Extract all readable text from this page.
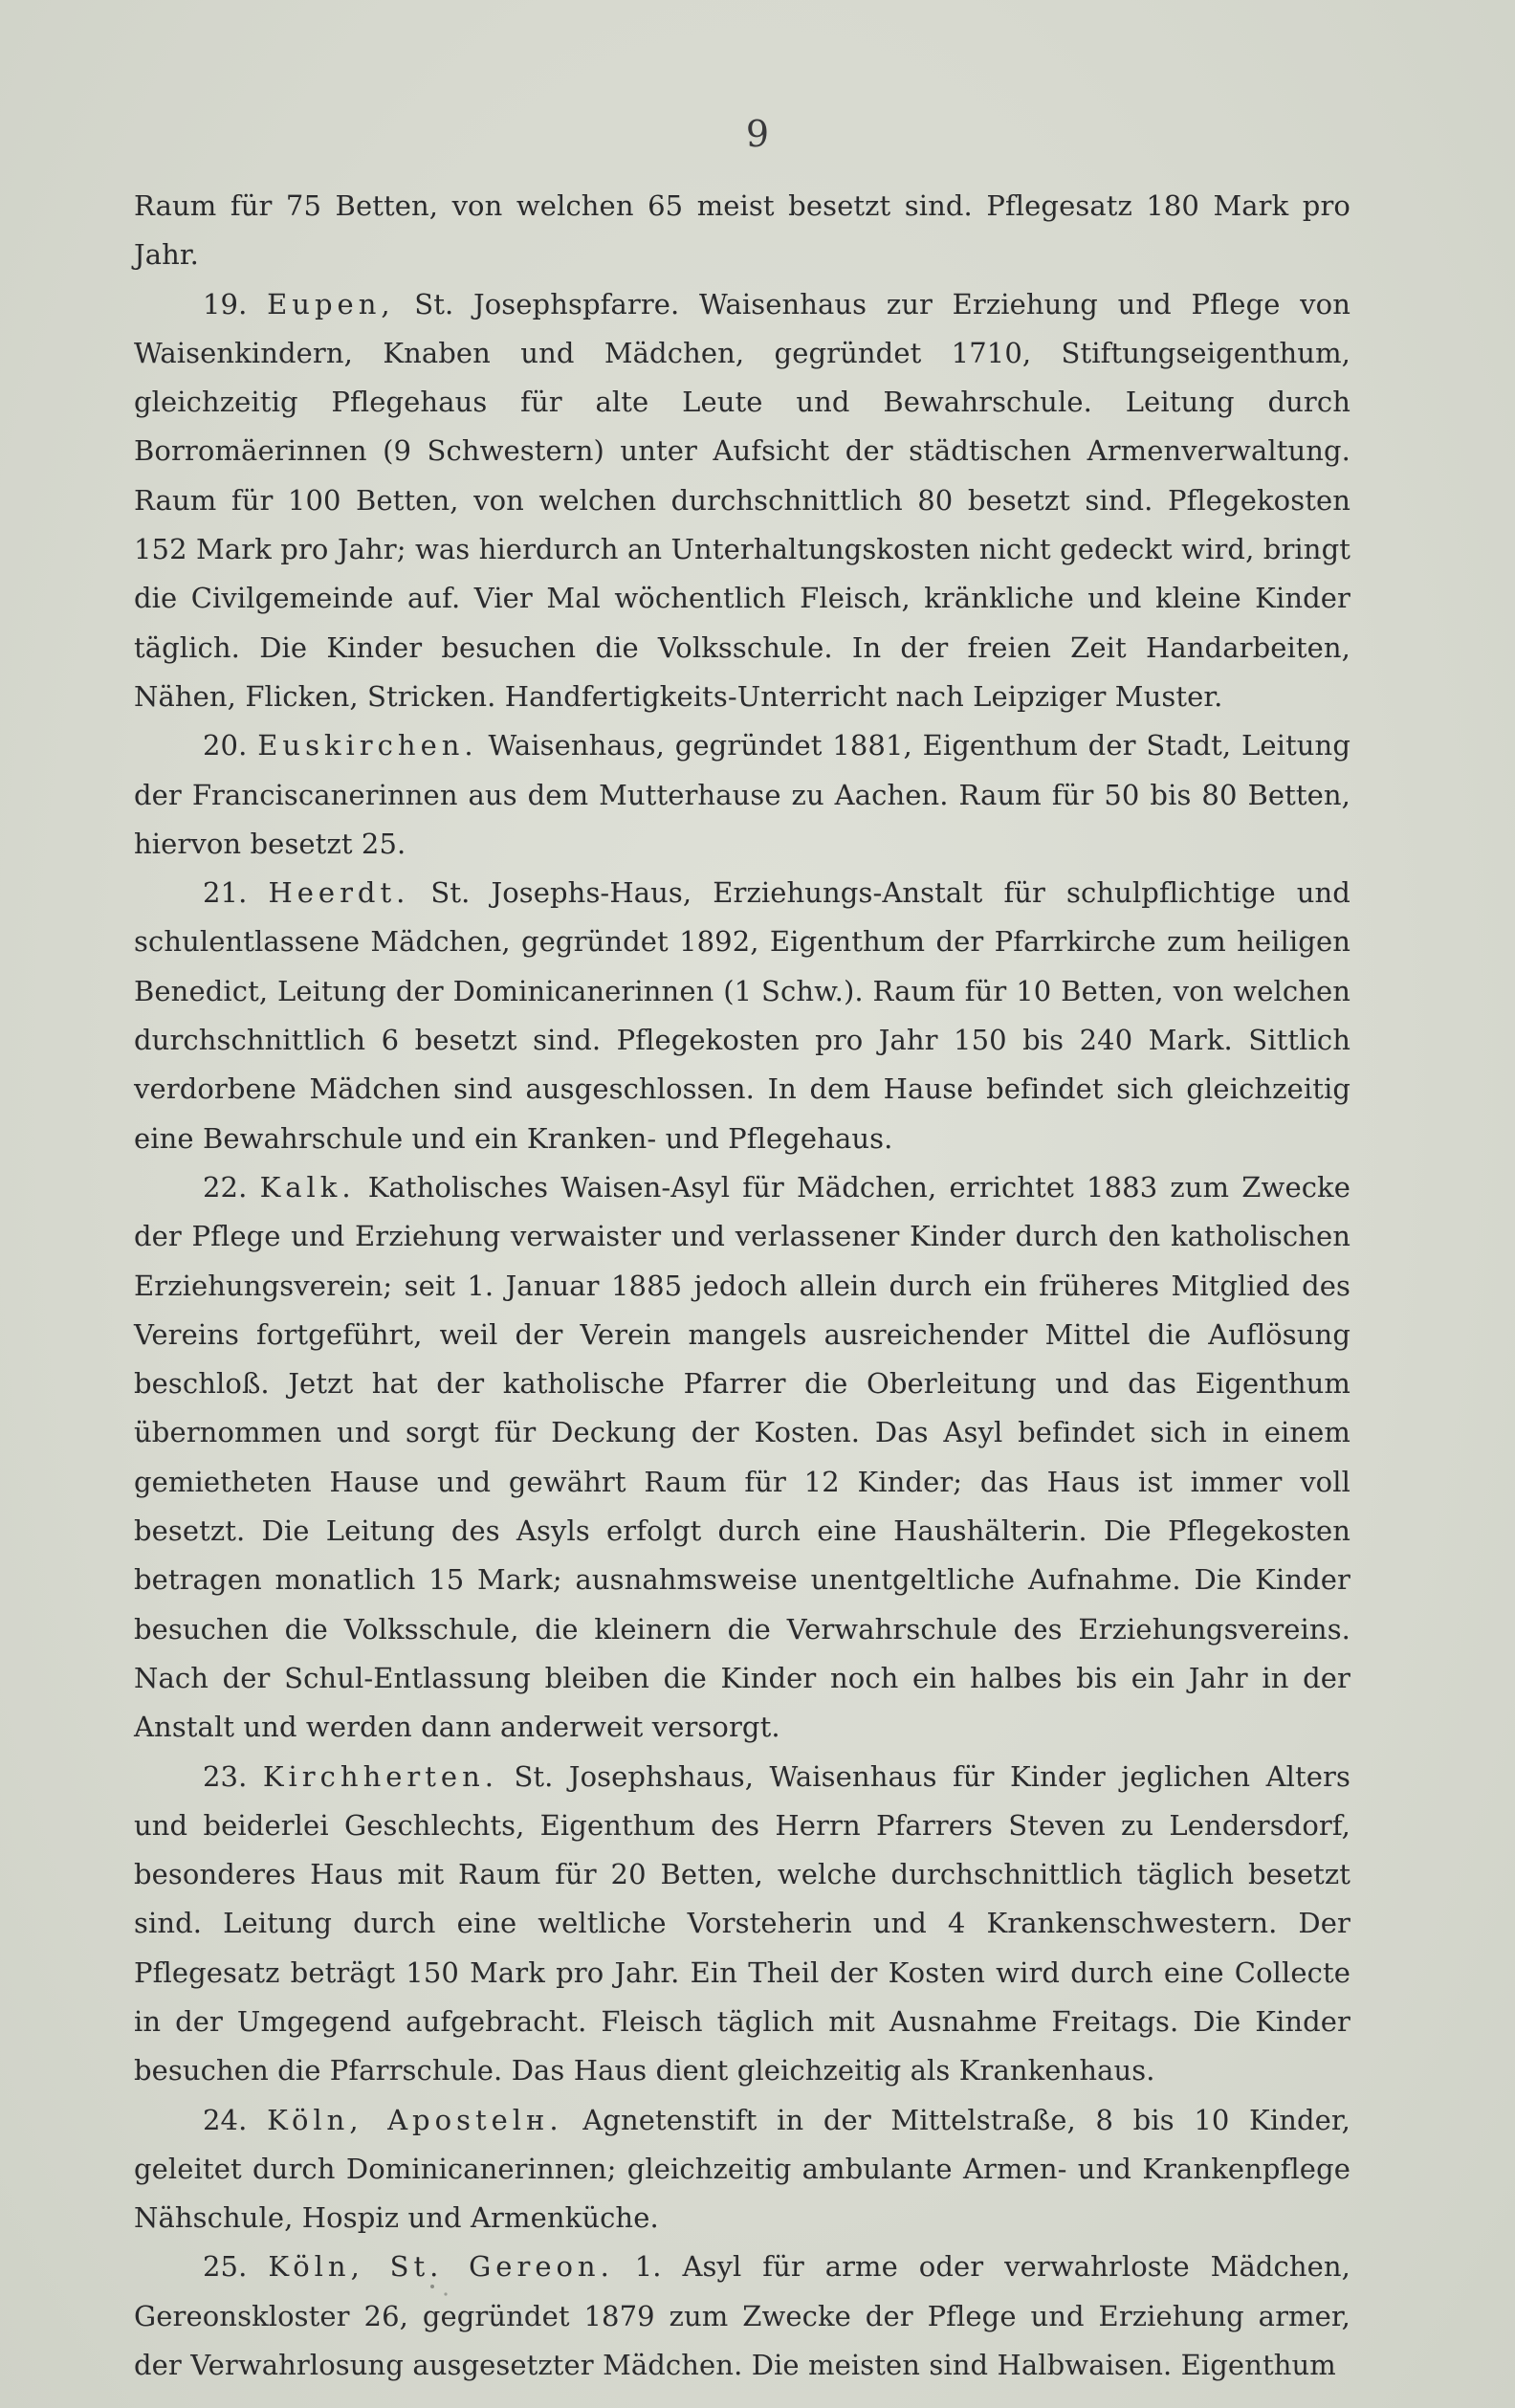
9

Raum für 75 Betten, von welchen 65 meist besetzt sind. Pflegesatz 180 Mark pro Jahr.

19. Eupen, St. Josephspfarre. Waisenhaus zur Erziehung und Pflege von Waisenkindern, Knaben und Mädchen, gegründet 1710, Stiftungseigenthum, gleichzeitig Pflegehaus für alte Leute und Bewahrschule. Leitung durch Borromäerinnen (9 Schwestern) unter Aufsicht der städtischen Armenverwaltung. Raum für 100 Betten, von welchen durchschnittlich 80 besetzt sind. Pflegekosten 152 Mark pro Jahr; was hierdurch an Unterhaltungskosten nicht gedeckt wird, bringt die Civilgemeinde auf. Vier Mal wöchentlich Fleisch, kränkliche und kleine Kinder täglich. Die Kinder besuchen die Volksschule. In der freien Zeit Handarbeiten, Nähen, Flicken, Stricken. Handfertigkeits-Unterricht nach Leipziger Muster.

20. Euskirchen. Waisenhaus, gegründet 1881, Eigenthum der Stadt, Leitung der Franciscanerinnen aus dem Mutterhause zu Aachen. Raum für 50 bis 80 Betten, hiervon besetzt 25.

21. Heerdt. St. Josephs-Haus, Erziehungs-Anstalt für schulpflichtige und schulentlassene Mädchen, gegründet 1892, Eigenthum der Pfarrkirche zum heiligen Benedict, Leitung der Dominicanerinnen (1 Schw.). Raum für 10 Betten, von welchen durchschnittlich 6 besetzt sind. Pflegekosten pro Jahr 150 bis 240 Mark. Sittlich verdorbene Mädchen sind ausgeschlossen. In dem Hause befindet sich gleichzeitig eine Bewahrschule und ein Kranken- und Pflegehaus.

22. Kalk. Katholisches Waisen-Asyl für Mädchen, errichtet 1883 zum Zwecke der Pflege und Erziehung verwaister und verlassener Kinder durch den katholischen Erziehungsverein; seit 1. Januar 1885 jedoch allein durch ein früheres Mitglied des Vereins fortgeführt, weil der Verein mangels ausreichender Mittel die Auflösung beschloß. Jetzt hat der katholische Pfarrer die Oberleitung und das Eigenthum übernommen und sorgt für Deckung der Kosten. Das Asyl befindet sich in einem gemietheten Hause und gewährt Raum für 12 Kinder; das Haus ist immer voll besetzt. Die Leitung des Asyls erfolgt durch eine Haushälterin. Die Pflegekosten betragen monatlich 15 Mark; ausnahmsweise unentgeltliche Aufnahme. Die Kinder besuchen die Volksschule, die kleinern die Verwahrschule des Erziehungsvereins. Nach der Schul-Entlassung bleiben die Kinder noch ein halbes bis ein Jahr in der Anstalt und werden dann anderweit versorgt.

23. Kirchherten. St. Josephshaus, Waisenhaus für Kinder jeglichen Alters und beiderlei Geschlechts, Eigenthum des Herrn Pfarrers Steven zu Lendersdorf, besonderes Haus mit Raum für 20 Betten, welche durchschnittlich täglich besetzt sind. Leitung durch eine weltliche Vorsteherin und 4 Krankenschwestern. Der Pflegesatz beträgt 150 Mark pro Jahr. Ein Theil der Kosten wird durch eine Collecte in der Umgegend aufgebracht. Fleisch täglich mit Ausnahme Freitags. Die Kinder besuchen die Pfarrschule. Das Haus dient gleichzeitig als Krankenhaus.

24. Köln, Apostelн. Agnetenstift in der Mittelstraße, 8 bis 10 Kinder, geleitet durch Dominicanerinnen; gleichzeitig ambulante Armen- und Krankenpflege Nähschule, Hospiz und Armenküche.

25. Köln, St. Gereon. 1. Asyl für arme oder verwahrloste Mädchen, Gereonskloster 26, gegründet 1879 zum Zwecke der Pflege und Erziehung armer, der Verwahrlosung ausgesetzter Mädchen. Die meisten sind Halbwaisen. Eigenthum
